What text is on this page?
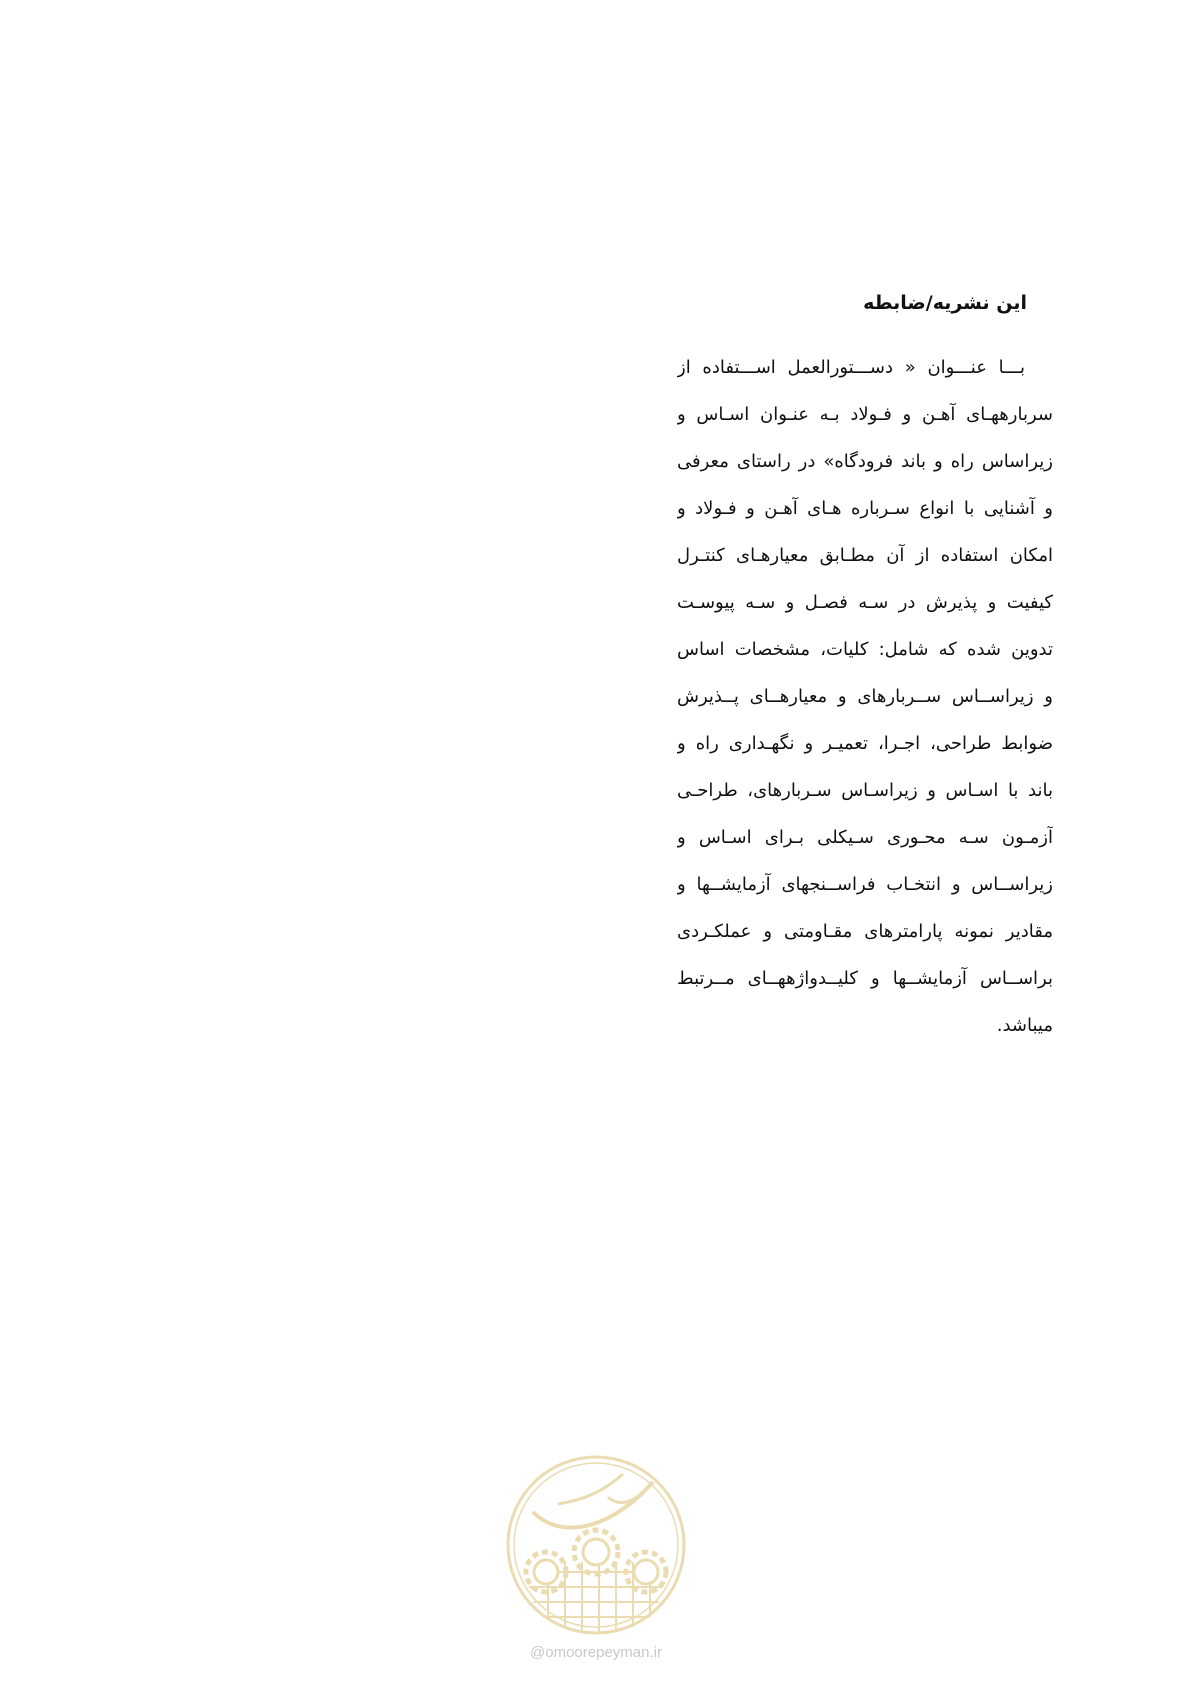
این نشریه/ضابطه
بـــا عنـــوان « دســـتورالعمل اســـتفاده از
سربارههـای آهـن و فـولاد بـه عنـوان اسـاس و
زیراساس راه و باند فرودگاه» در راستای معرفی
و آشنایی با انواع سـرباره هـای آهـن و فـولاد و
امکان استفاده از آن مطـابق معیارهـای کنتـرل
کیفیت و پذیرش در سـه فصـل و سـه پیوسـت
تدوین شده که شامل: کلیات، مشخصات اساس
و زیراســاس ســربارهای و معیارهــای پــذیرش
ضوابط طراحی، اجـرا، تعمیـر و نگهـداری راه و
باند با اسـاس و زیراسـاس سـربارهای، طراحـی
آزمـون سـه محـوری سـیکلی بـرای اسـاس و
زیراســاس و انتخـاب فراســنجهای آزمایشــها و
مقادیر نمونه پارامترهای مقـاومتی و عملکـردی
براســاس آزمایشــها و کلیــدواژههــای مــرتبط
میباشد.
@omoorepeyman.ir
